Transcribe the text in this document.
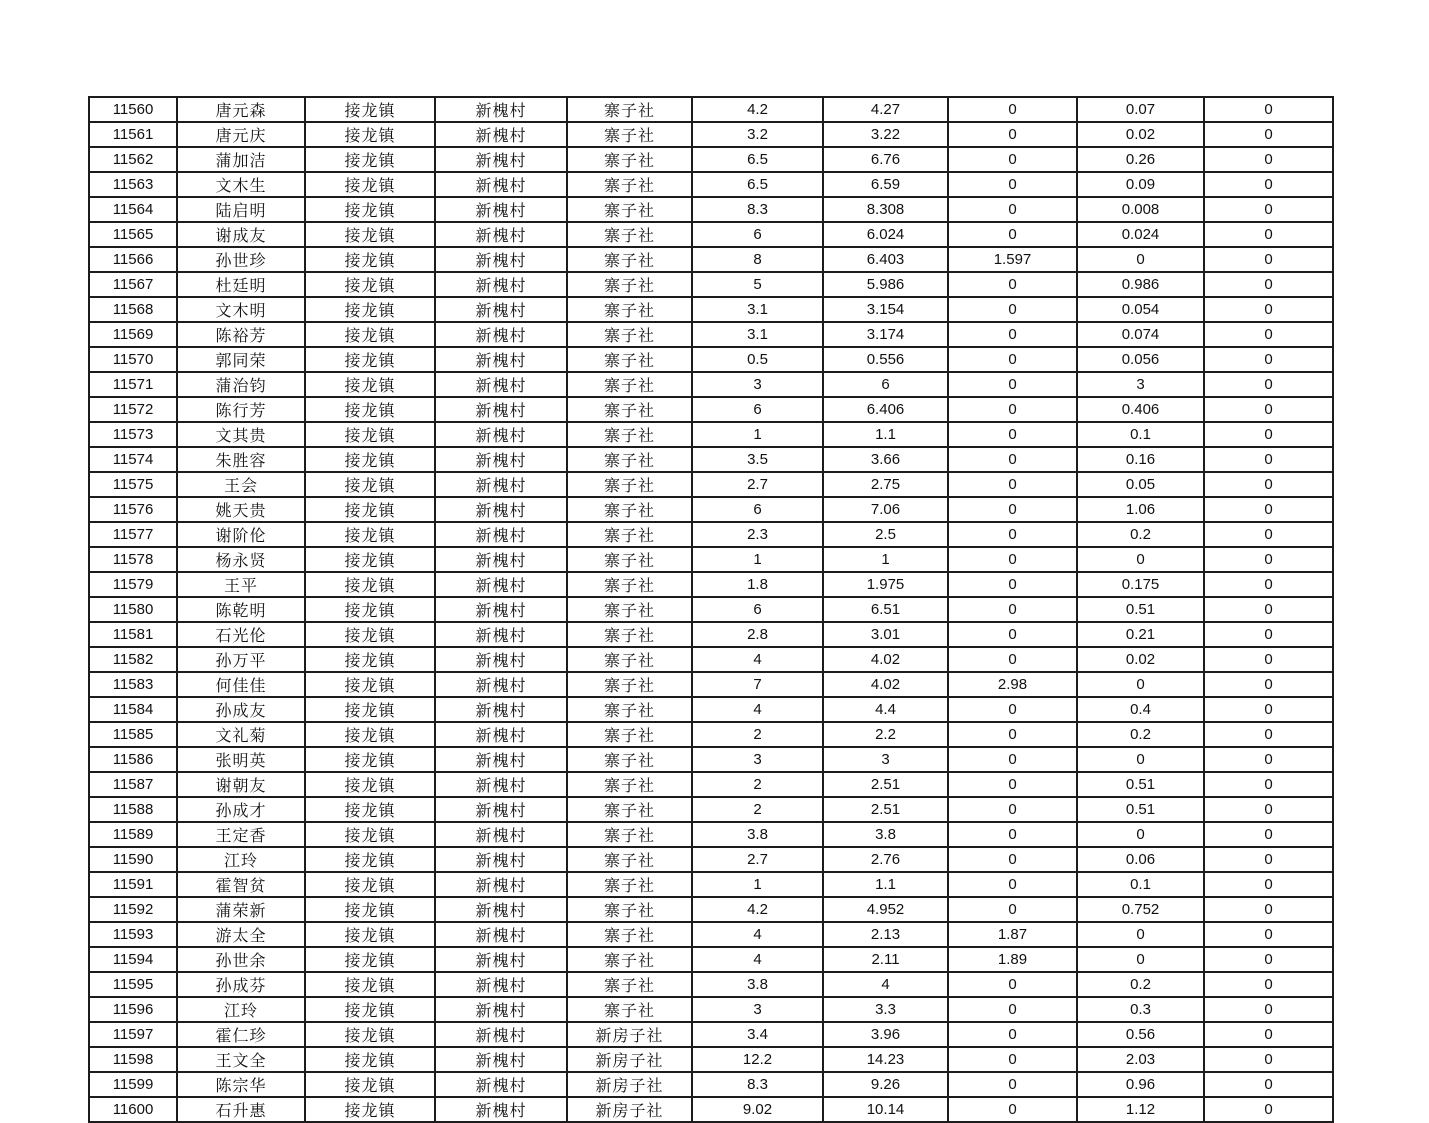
11560	唐元森	接龙镇	新槐村	寨子社	4.2	4.27	0	0.07	0
11561	唐元庆	接龙镇	新槐村	寨子社	3.2	3.22	0	0.02	0
11562	蒲加洁	接龙镇	新槐村	寨子社	6.5	6.76	0	0.26	0
11563	文木生	接龙镇	新槐村	寨子社	6.5	6.59	0	0.09	0
11564	陆启明	接龙镇	新槐村	寨子社	8.3	8.308	0	0.008	0
11565	谢成友	接龙镇	新槐村	寨子社	6	6.024	0	0.024	0
11566	孙世珍	接龙镇	新槐村	寨子社	8	6.403	1.597	0	0
11567	杜廷明	接龙镇	新槐村	寨子社	5	5.986	0	0.986	0
11568	文木明	接龙镇	新槐村	寨子社	3.1	3.154	0	0.054	0
11569	陈裕芳	接龙镇	新槐村	寨子社	3.1	3.174	0	0.074	0
11570	郭同荣	接龙镇	新槐村	寨子社	0.5	0.556	0	0.056	0
11571	蒲治钧	接龙镇	新槐村	寨子社	3	6	0	3	0
11572	陈行芳	接龙镇	新槐村	寨子社	6	6.406	0	0.406	0
11573	文其贵	接龙镇	新槐村	寨子社	1	1.1	0	0.1	0
11574	朱胜容	接龙镇	新槐村	寨子社	3.5	3.66	0	0.16	0
11575	王会	接龙镇	新槐村	寨子社	2.7	2.75	0	0.05	0
11576	姚天贵	接龙镇	新槐村	寨子社	6	7.06	0	1.06	0
11577	谢阶伦	接龙镇	新槐村	寨子社	2.3	2.5	0	0.2	0
11578	杨永贤	接龙镇	新槐村	寨子社	1	1	0	0	0
11579	王平	接龙镇	新槐村	寨子社	1.8	1.975	0	0.175	0
11580	陈乾明	接龙镇	新槐村	寨子社	6	6.51	0	0.51	0
11581	石光伦	接龙镇	新槐村	寨子社	2.8	3.01	0	0.21	0
11582	孙万平	接龙镇	新槐村	寨子社	4	4.02	0	0.02	0
11583	何佳佳	接龙镇	新槐村	寨子社	7	4.02	2.98	0	0
11584	孙成友	接龙镇	新槐村	寨子社	4	4.4	0	0.4	0
11585	文礼菊	接龙镇	新槐村	寨子社	2	2.2	0	0.2	0
11586	张明英	接龙镇	新槐村	寨子社	3	3	0	0	0
11587	谢朝友	接龙镇	新槐村	寨子社	2	2.51	0	0.51	0
11588	孙成才	接龙镇	新槐村	寨子社	2	2.51	0	0.51	0
11589	王定香	接龙镇	新槐村	寨子社	3.8	3.8	0	0	0
11590	江玲	接龙镇	新槐村	寨子社	2.7	2.76	0	0.06	0
11591	霍智贫	接龙镇	新槐村	寨子社	1	1.1	0	0.1	0
11592	蒲荣新	接龙镇	新槐村	寨子社	4.2	4.952	0	0.752	0
11593	游太全	接龙镇	新槐村	寨子社	4	2.13	1.87	0	0
11594	孙世余	接龙镇	新槐村	寨子社	4	2.11	1.89	0	0
11595	孙成芬	接龙镇	新槐村	寨子社	3.8	4	0	0.2	0
11596	江玲	接龙镇	新槐村	寨子社	3	3.3	0	0.3	0
11597	霍仁珍	接龙镇	新槐村	新房子社	3.4	3.96	0	0.56	0
11598	王文全	接龙镇	新槐村	新房子社	12.2	14.23	0	2.03	0
11599	陈宗华	接龙镇	新槐村	新房子社	8.3	9.26	0	0.96	0
11600	石升惠	接龙镇	新槐村	新房子社	9.02	10.14	0	1.12	0
